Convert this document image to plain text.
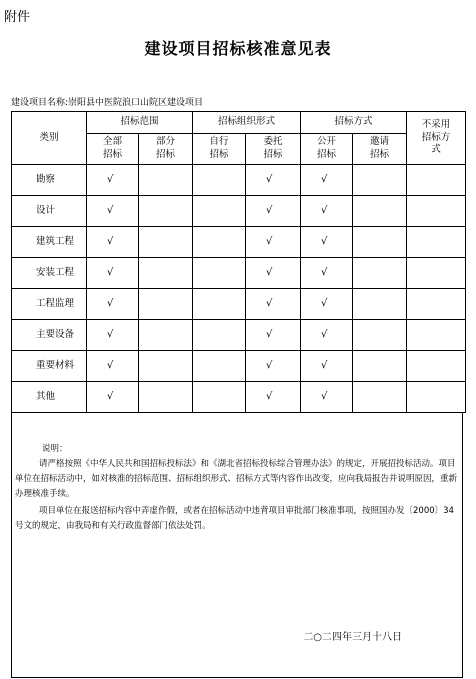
附件
建设项目招标核准意见表
建设项目名称:崇阳县中医院浪口山院区建设项目
类别	招标范围		招标组织形式		招标方式		不采用招标方式

	全部招标	部分招标	自行招标	委托招标	公开招标	邀请招标	

勘察	√			√	√		
设计	√			√	√		
建筑工程	√			√	√		
安装工程	√			√	√		
工程监理	√			√	√		
主要设备	√			√	√		
重要材料	√			√	√		
其他	√			√	√		
说明：

请严格按照《中华人民共和国招标投标法》和《湖北省招标投标综合管理办法》的规定，开展招投标活动。项目单位在招标活动中，如对核准的招标范围、招标组织形式、招标方式等内容作出改变，应向我局报告并说明原因，重新办理核准手续。

项目单位在报送招标内容中弄虚作假，或者在招标活动中违背项目审批部门核准事项，按照国办发〔2000〕34号文的规定，由我局和有关行政监督部门依法处罚。

二○二四年三月十八日
